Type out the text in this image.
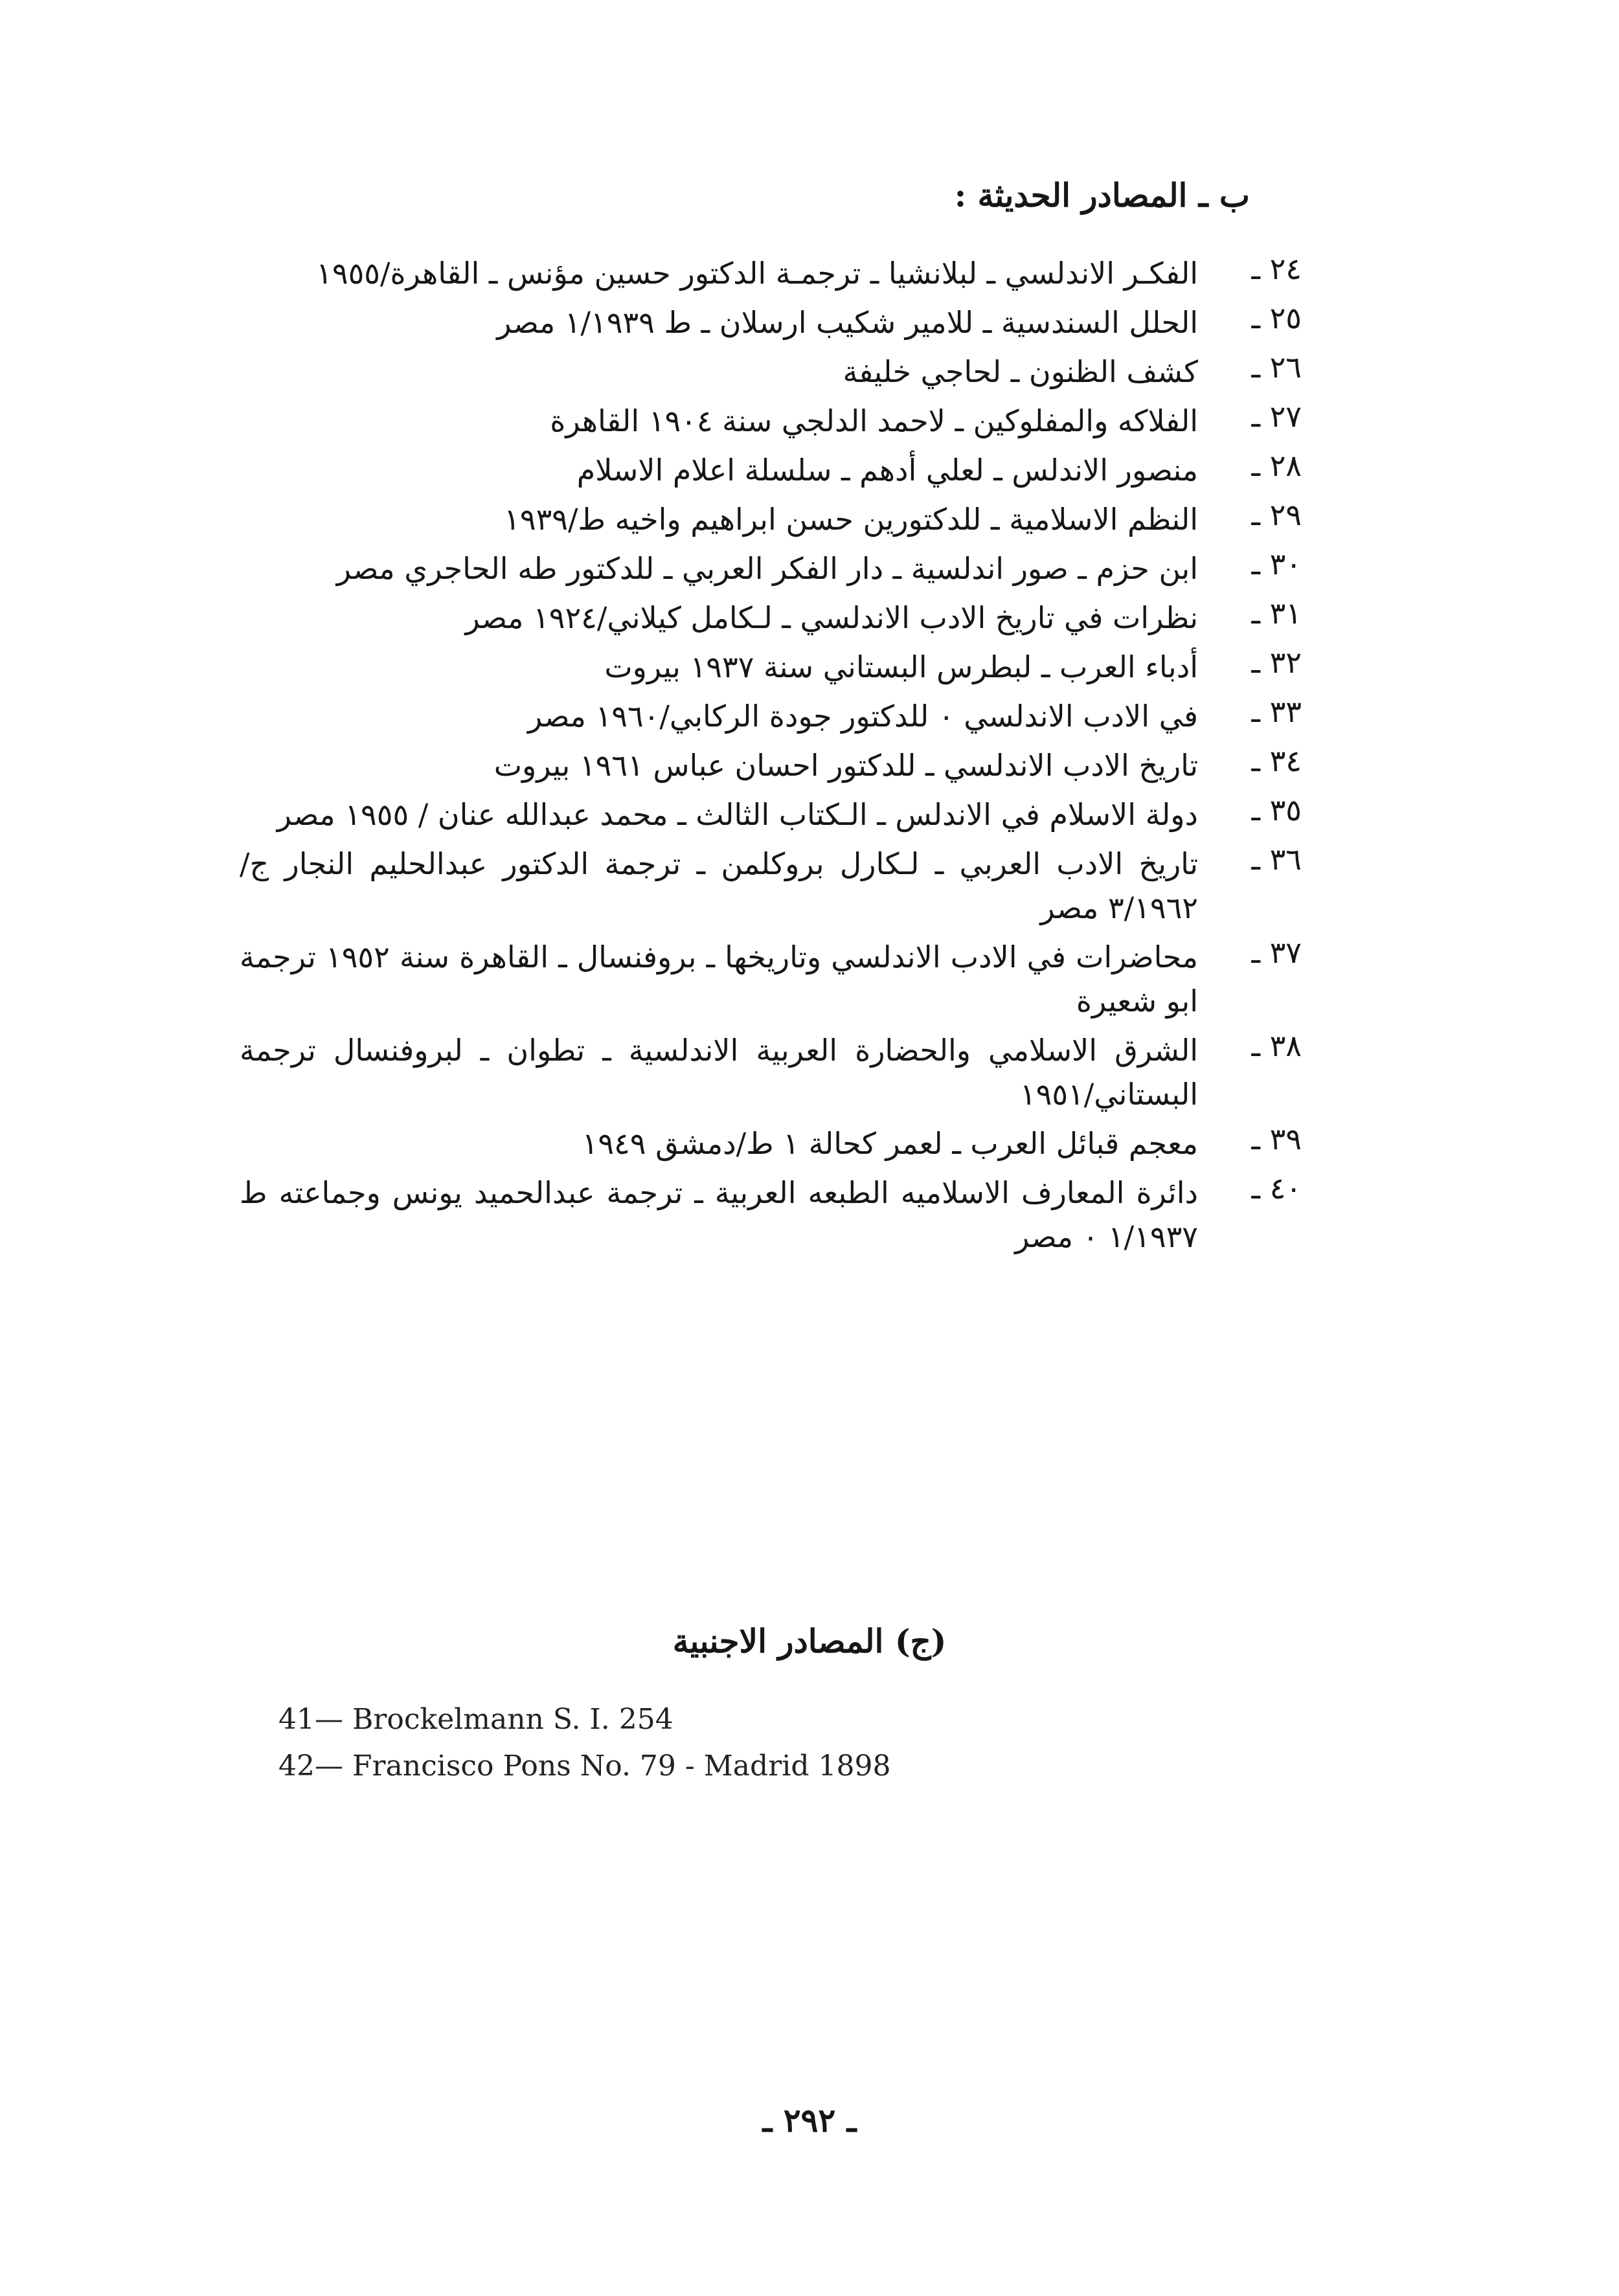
ب ـ المصادر الحديثة :
٢٤ ـ
الفكـر الاندلسي ـ لبلانشيا ـ ترجمـة الدكتور حسين مؤنس ـ القاهرة/١٩٥٥
٢٥ ـ
الحلل السندسية ـ للامير شكيب ارسلان ـ ط ١/١٩٣٩ مصر
٢٦ ـ
كشف الظنون ـ لحاجي خليفة
٢٧ ـ
الفلاكه والمفلوكين ـ لاحمد الدلجي سنة ١٩٠٤ القاهرة
٢٨ ـ
منصور الاندلس ـ لعلي أدهم ـ سلسلة اعلام الاسلام
٢٩ ـ
النظم الاسلامية ـ للدكتورين حسن ابراهيم واخيه ط/١٩٣٩
٣٠ ـ
ابن حزم ـ صور اندلسية ـ دار الفكر العربي ـ للدكتور طه الحاجري مصر
٣١ ـ
نظرات في تاريخ الادب الاندلسي ـ لـكامل كيلاني/١٩٢٤ مصر
٣٢ ـ
أدباء العرب ـ لبطرس البستاني سنة ١٩٣٧ بيروت
٣٣ ـ
في الادب الاندلسي ٠ للدكتور جودة الركابي/١٩٦٠ مصر
٣٤ ـ
تاريخ الادب الاندلسي ـ للدكتور احسان عباس ١٩٦١ بيروت
٣٥ ـ
دولة الاسلام في الاندلس ـ الـكتاب الثالث ـ محمد عبدالله عنان / ١٩٥٥ مصر
٣٦ ـ
تاريخ الادب العربي ـ لـكارل بروكلمن ـ ترجمة الدكتور عبدالحليم النجار ج/٣/١٩٦٢ مصر
٣٧ ـ
محاضرات في الادب الاندلسي وتاريخها ـ بروفنسال ـ القاهرة سنة ١٩٥٢ ترجمة ابو شعيرة
٣٨ ـ
الشرق الاسلامي والحضارة العربية الاندلسية ـ تطوان ـ لبروفنسال ترجمة البستاني/١٩٥١
٣٩ ـ
معجم قبائل العرب ـ لعمر كحالة ١ ط/دمشق ١٩٤٩
٤٠ ـ
دائرة المعارف الاسلاميه الطبعه العربية ـ ترجمة عبدالحميد يونس وجماعته ط ١/١٩٣٧ ٠ مصر
(ج) المصادر الاجنبية
41— Brockelmann S. I. 254
42— Francisco Pons No. 79 - Madrid 1898
ـ ٢٩٢ ـ
